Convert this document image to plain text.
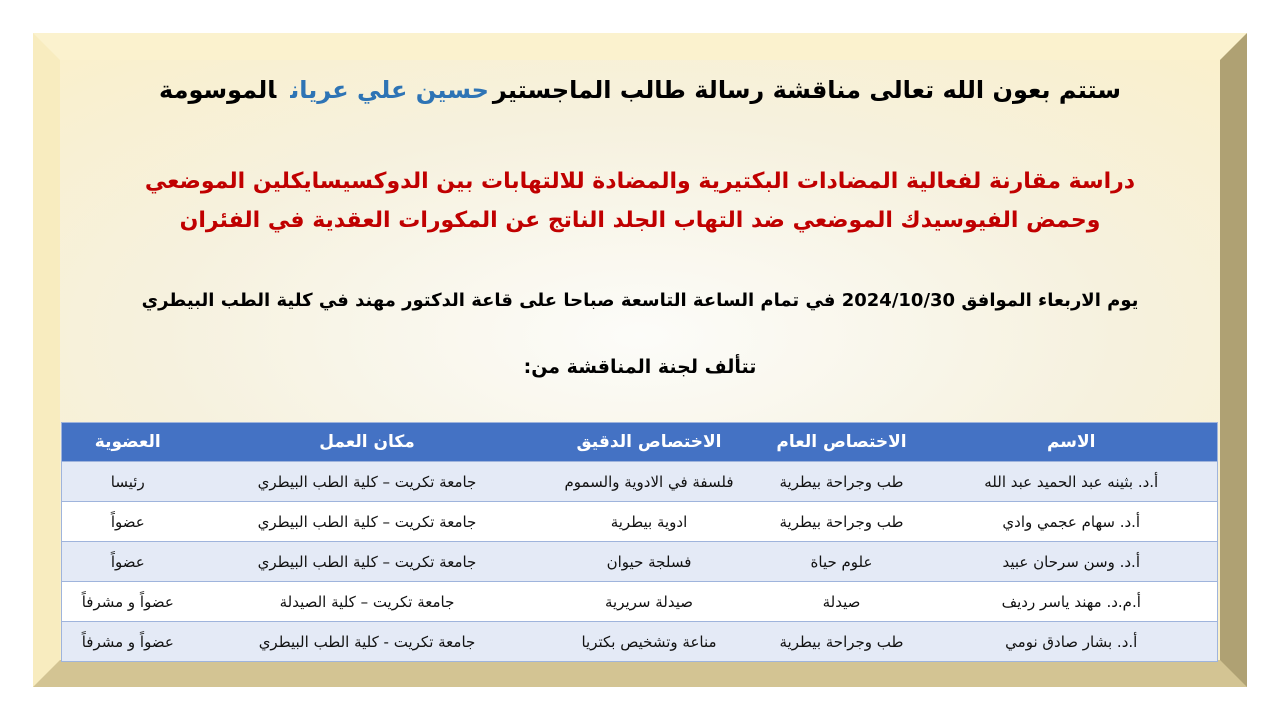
ستتم بعون الله تعالى مناقشة رسالة طالب الماجستيرحسين علي عريانالموسومة
دراسة مقارنة لفعالية المضادات البكتيرية والمضادة للالتهابات بين الدوكسيسايكلين الموضعي وحمض الفيوسيدك الموضعي ضد التهاب الجلد الناتج عن المكورات العقدية في الفئران
يوم الاربعاء الموافق 2024/10/30 في تمام الساعة التاسعة صباحا على قاعة الدكتور مهند في كلية الطب البيطري
تتألف لجنة المناقشة من:
الاسم	الاختصاص العام	الاختصاص الدقيق	مكان العمل	العضوية
أ.د. بثينه عبد الحميد عبد الله	طب وجراحة بيطرية	فلسفة في الادوية والسموم	جامعة تكريت – كلية الطب البيطري	رئيسا
أ.د. سهام عجمي وادي	طب وجراحة بيطرية	ادوية بيطرية	جامعة تكريت – كلية الطب البيطري	عضواً
أ.د. وسن سرحان عبيد	علوم حياة	فسلجة حيوان	جامعة تكريت – كلية الطب البيطري	عضواً
أ.م.د. مهند ياسر رديف	صيدلة	صيدلة سريرية	جامعة تكريت – كلية الصيدلة	عضواً و مشرفاً
أ.د. بشار صادق نومي	طب وجراحة بيطرية	مناعة وتشخيص بكتريا	جامعة تكريت - كلية الطب البيطري	عضواً و مشرفاً
